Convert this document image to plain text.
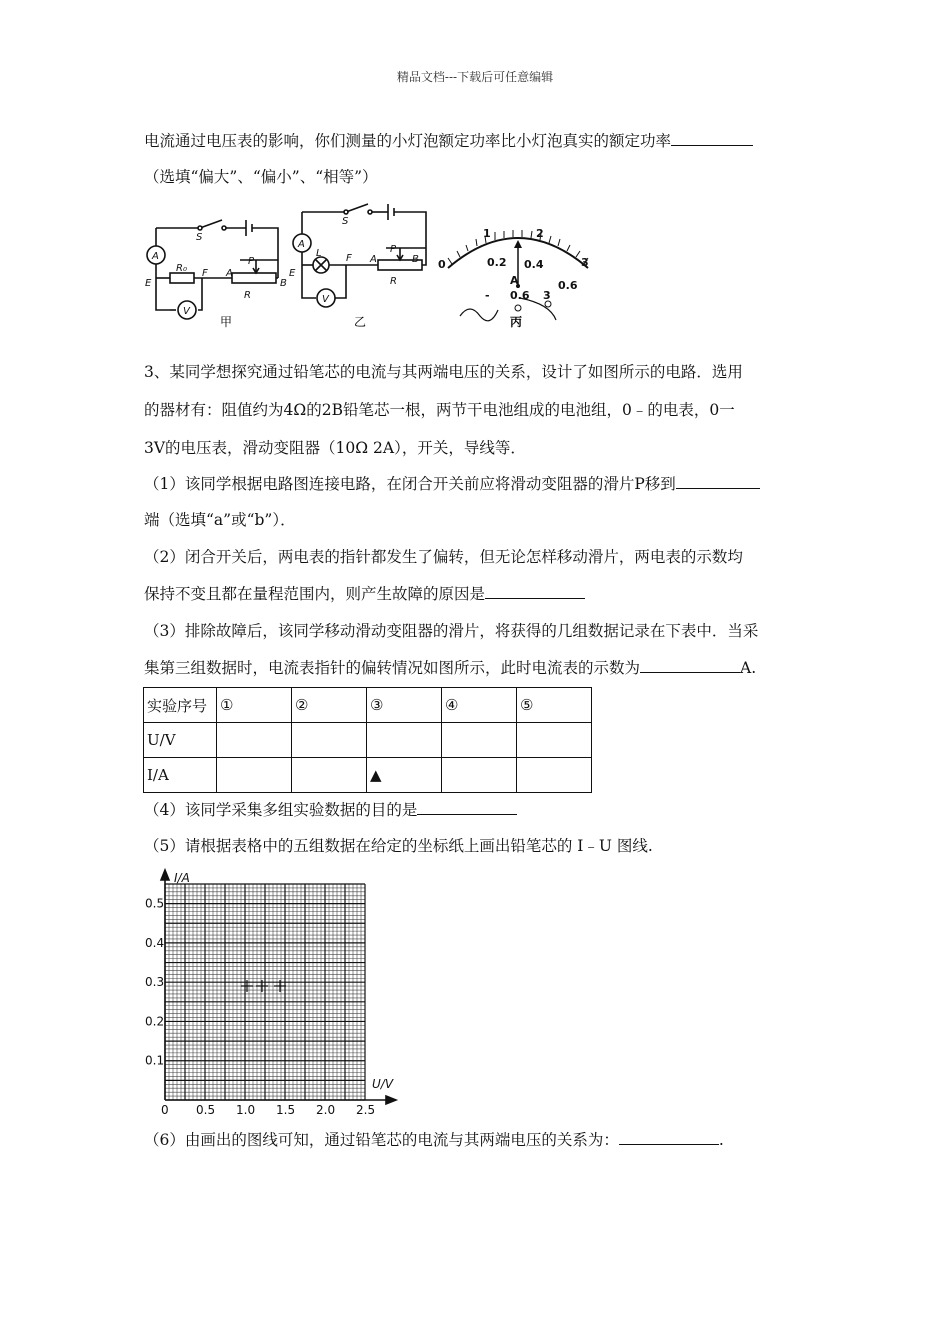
精品文档---下载后可任意编辑
电流通过电压表的影响，你们测量的小灯泡额定功率比小灯泡真实的额定功率
（选填“偏大”、“偏小”、“相等”）
A
V
S
E
F
R₀
R
P
A
B
甲
A
V
S
E
L F
R
P
A	B
乙
0
1	2
3
0.2 0.4
0.6
A
- 0.6 3
丙
3、某同学想探究通过铅笔芯的电流与其两端电压的关系，设计了如图所示的电路．选用
的器材有：阻值约为4Ω的2B铅笔芯一根，两节干电池组成的电池组，0﹣的电表，0一
3V的电压表，滑动变阻器（10Ω 2A），开关，导线等．
（1）该同学根据电路图连接电路，在闭合开关前应将滑动变阻器的滑片P移到
端（选填“a”或“b”）．
（2）闭合开关后，两电表的指针都发生了偏转，但无论怎样移动滑片，两电表的示数均
保持不变且都在量程范围内，则产生故障的原因是
（3）排除故障后，该同学移动滑动变阻器的滑片，将获得的几组数据记录在下表中．当采
集第三组数据时，电流表指针的偏转情况如图所示，此时电流表的示数为	A.
实验序号	①	②	③	④	⑤
U/V					
I/A			▲		
（4）该同学采集多组实验数据的目的是
（5）请根据表格中的五组数据在给定的坐标纸上画出铅笔芯的 I﹣U 图线.
I/A
U/V
0 0.5 1.0 1.5 2.0 2.5
0.1
0.2
0.3
0.4
0.5
（6）由画出的图线可知，通过铅笔芯的电流与其两端电压的关系为：	.
